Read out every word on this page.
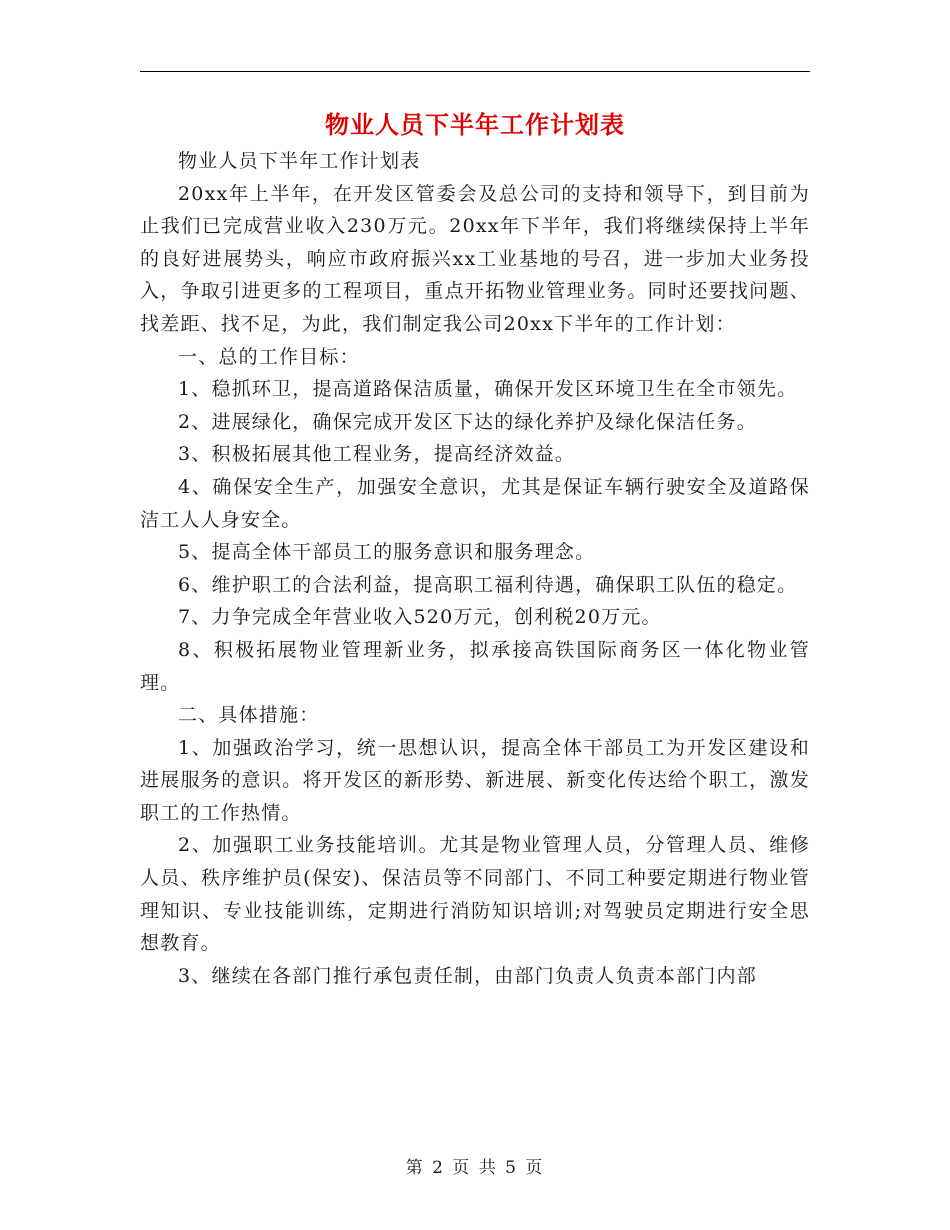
物业人员下半年工作计划表

物业人员下半年工作计划表

20xx年上半年，在开发区管委会及总公司的支持和领导下，到目前为止我们已完成营业收入230万元。20xx年下半年，我们将继续保持上半年的良好进展势头，响应市政府振兴xx工业基地的号召，进一步加大业务投入，争取引进更多的工程项目，重点开拓物业管理业务。同时还要找问题、找差距、找不足，为此，我们制定我公司20xx下半年的工作计划：

一、总的工作目标：

1、稳抓环卫，提高道路保洁质量，确保开发区环境卫生在全市领先。

2、进展绿化，确保完成开发区下达的绿化养护及绿化保洁任务。

3、积极拓展其他工程业务，提高经济效益。

4、确保安全生产，加强安全意识，尤其是保证车辆行驶安全及道路保洁工人人身安全。

5、提高全体干部员工的服务意识和服务理念。

6、维护职工的合法利益，提高职工福利待遇，确保职工队伍的稳定。

7、力争完成全年营业收入520万元，创利税20万元。

8、积极拓展物业管理新业务，拟承接高铁国际商务区一体化物业管理。

二、具体措施：

1、加强政治学习，统一思想认识，提高全体干部员工为开发区建设和进展服务的意识。将开发区的新形势、新进展、新变化传达给个职工，激发职工的工作热情。

2、加强职工业务技能培训。尤其是物业管理人员，分管理人员、维修人员、秩序维护员(保安)、保洁员等不同部门、不同工种要定期进行物业管理知识、专业技能训练，定期进行消防知识培训;对驾驶员定期进行安全思想教育。

3、继续在各部门推行承包责任制，由部门负责人负责本部门内部

第 2 页 共 5 页
